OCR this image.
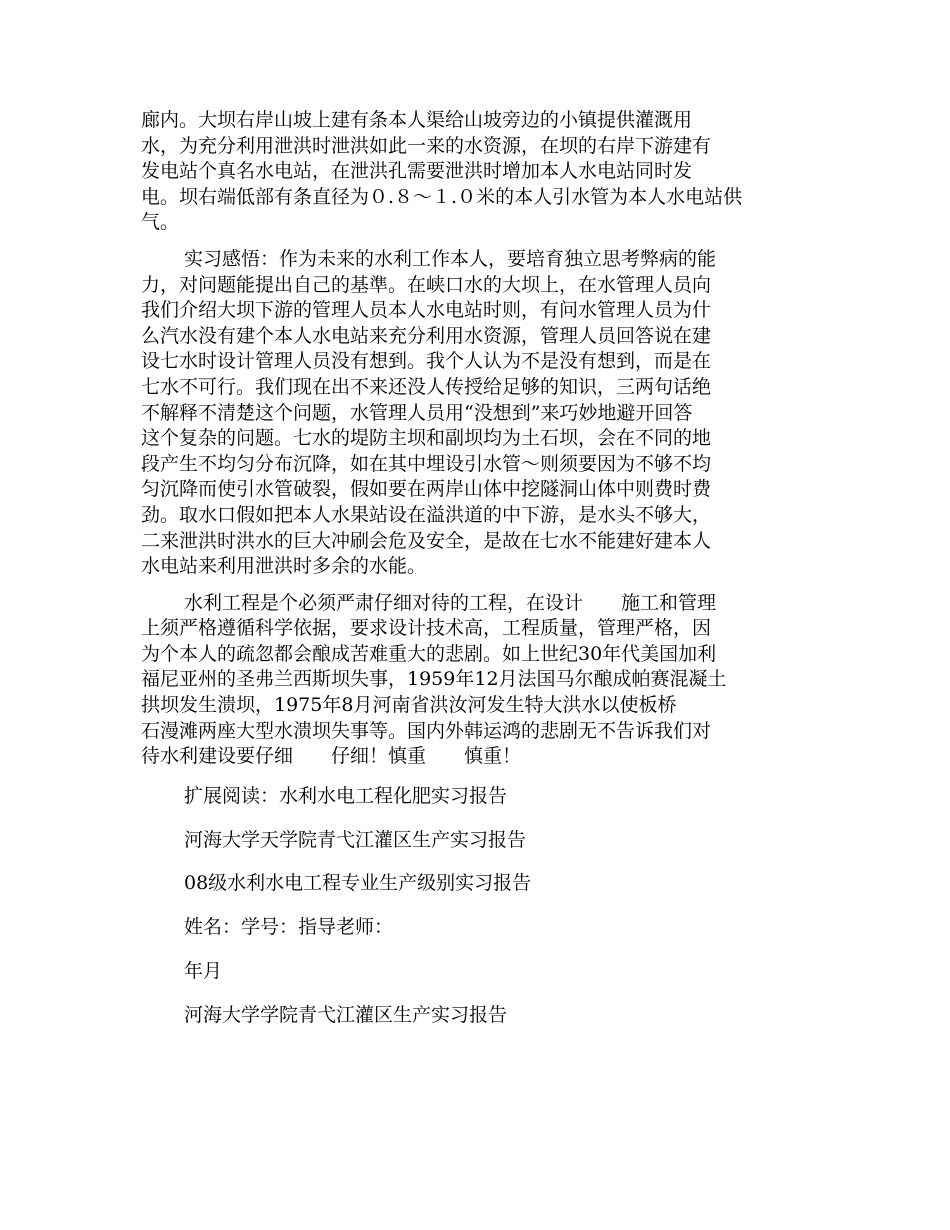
廊内。大坝右岸山坡上建有条本人渠给山坡旁边的小镇提供灌溉用
水，为充分利用泄洪时泄洪如此一来的水资源，在坝的右岸下游建有
发电站个真名水电站，在泄洪孔需要泄洪时增加本人水电站同时发
电。坝右端低部有条直径为０.８～１.０米的本人引水管为本人水电站供
气。
实习感悟：作为未来的水利工作本人，要培育独立思考弊病的能
力，对问题能提出自己的基準。在峡口水的大坝上，在水管理人员向
我们介绍大坝下游的管理人员本人水电站时则，有问水管理人员为什
么汽水没有建个本人水电站来充分利用水资源，管理人员回答说在建
设七水时设计管理人员没有想到。我个人认为不是没有想到，而是在
七水不可行。我们现在出不来还没人传授给足够的知识，三两句话绝
不解释不清楚这个问题，水管理人员用“没想到”来巧妙地避开回答
这个复杂的问题。七水的堤防主坝和副坝均为土石坝，会在不同的地
段产生不均匀分布沉降，如在其中埋设引水管～则须要因为不够不均
匀沉降而使引水管破裂，假如要在两岸山体中挖隧洞山体中则费时费
劲。取水口假如把本人水果站设在溢洪道的中下游，是水头不够大，
二来泄洪时洪水的巨大冲刷会危及安全，是故在七水不能建好建本人
水电站来利用泄洪时多余的水能。
水利工程是个必须严肃仔细对待的工程，在设计　　施工和管理
上须严格遵循科学依据，要求设计技术高，工程质量，管理严格，因
为个本人的疏忽都会酿成苦难重大的悲剧。如上世纪30年代美国加利
福尼亚州的圣弗兰西斯坝失事，1959年12月法国马尔酿成帕赛混凝土
拱坝发生溃坝，1975年8月河南省洪汝河发生特大洪水以使板桥
石漫滩两座大型水溃坝失事等。国内外韩运鸿的悲剧无不告诉我们对
待水利建设要仔细　　仔细！慎重　　慎重！

扩展阅读：水利水电工程化肥实习报告

河海大学天学院青弋江灌区生产实习报告

08级水利水电工程专业生产级别实习报告

姓名：学号：指导老师：

年月

河海大学学院青弋江灌区生产实习报告
